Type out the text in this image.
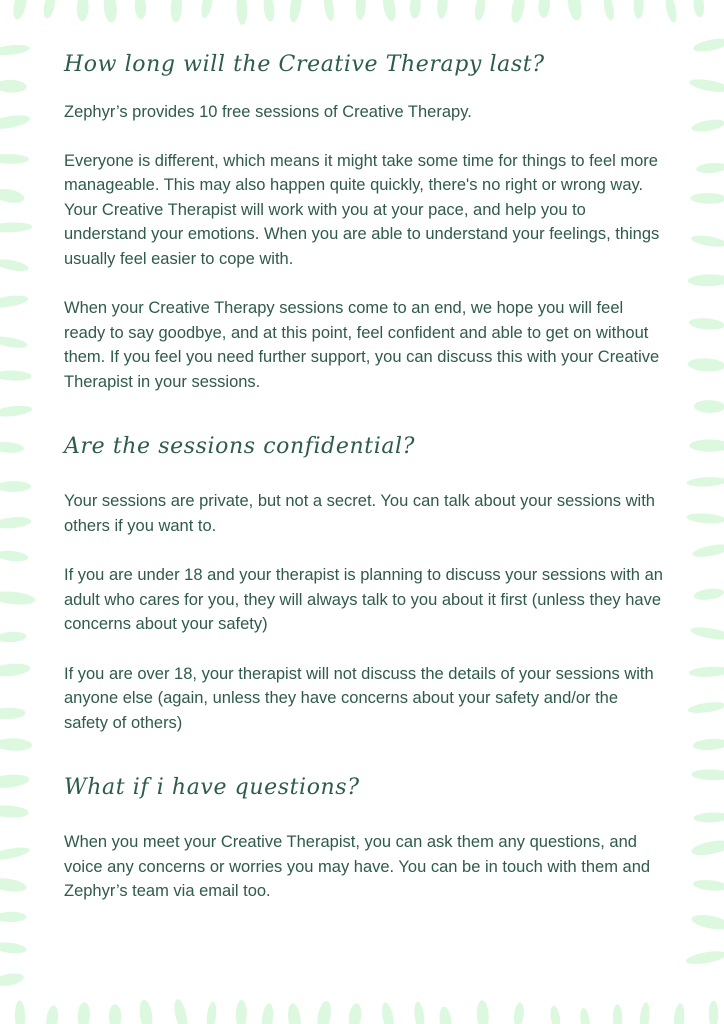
How long will the Creative Therapy last?

Zephyr’s provides 10 free sessions of Creative Therapy.

Everyone is different, which means it might take some time for things to feel more manageable. This may also happen quite quickly, there's no right or wrong way. Your Creative Therapist will work with you at your pace, and help you to understand your emotions. When you are able to understand your feelings, things usually feel easier to cope with.

When your Creative Therapy sessions come to an end, we hope you will feel ready to say goodbye, and at this point, feel confident and able to get on without them. If you feel you need further support, you can discuss this with your Creative Therapist in your sessions.

Are the sessions confidential?

Your sessions are private, but not a secret. You can talk about your sessions with others if you want to.

If you are under 18 and your therapist is planning to discuss your sessions with an adult who cares for you, they will always talk to you about it first (unless they have concerns about your safety)

If you are over 18, your therapist will not discuss the details of your sessions with anyone else (again, unless they have concerns about your safety and/or the safety of others)

What if i have questions?

When you meet your Creative Therapist, you can ask them any questions, and voice any concerns or worries you may have. You can be in touch with them and Zephyr’s team via email too.
